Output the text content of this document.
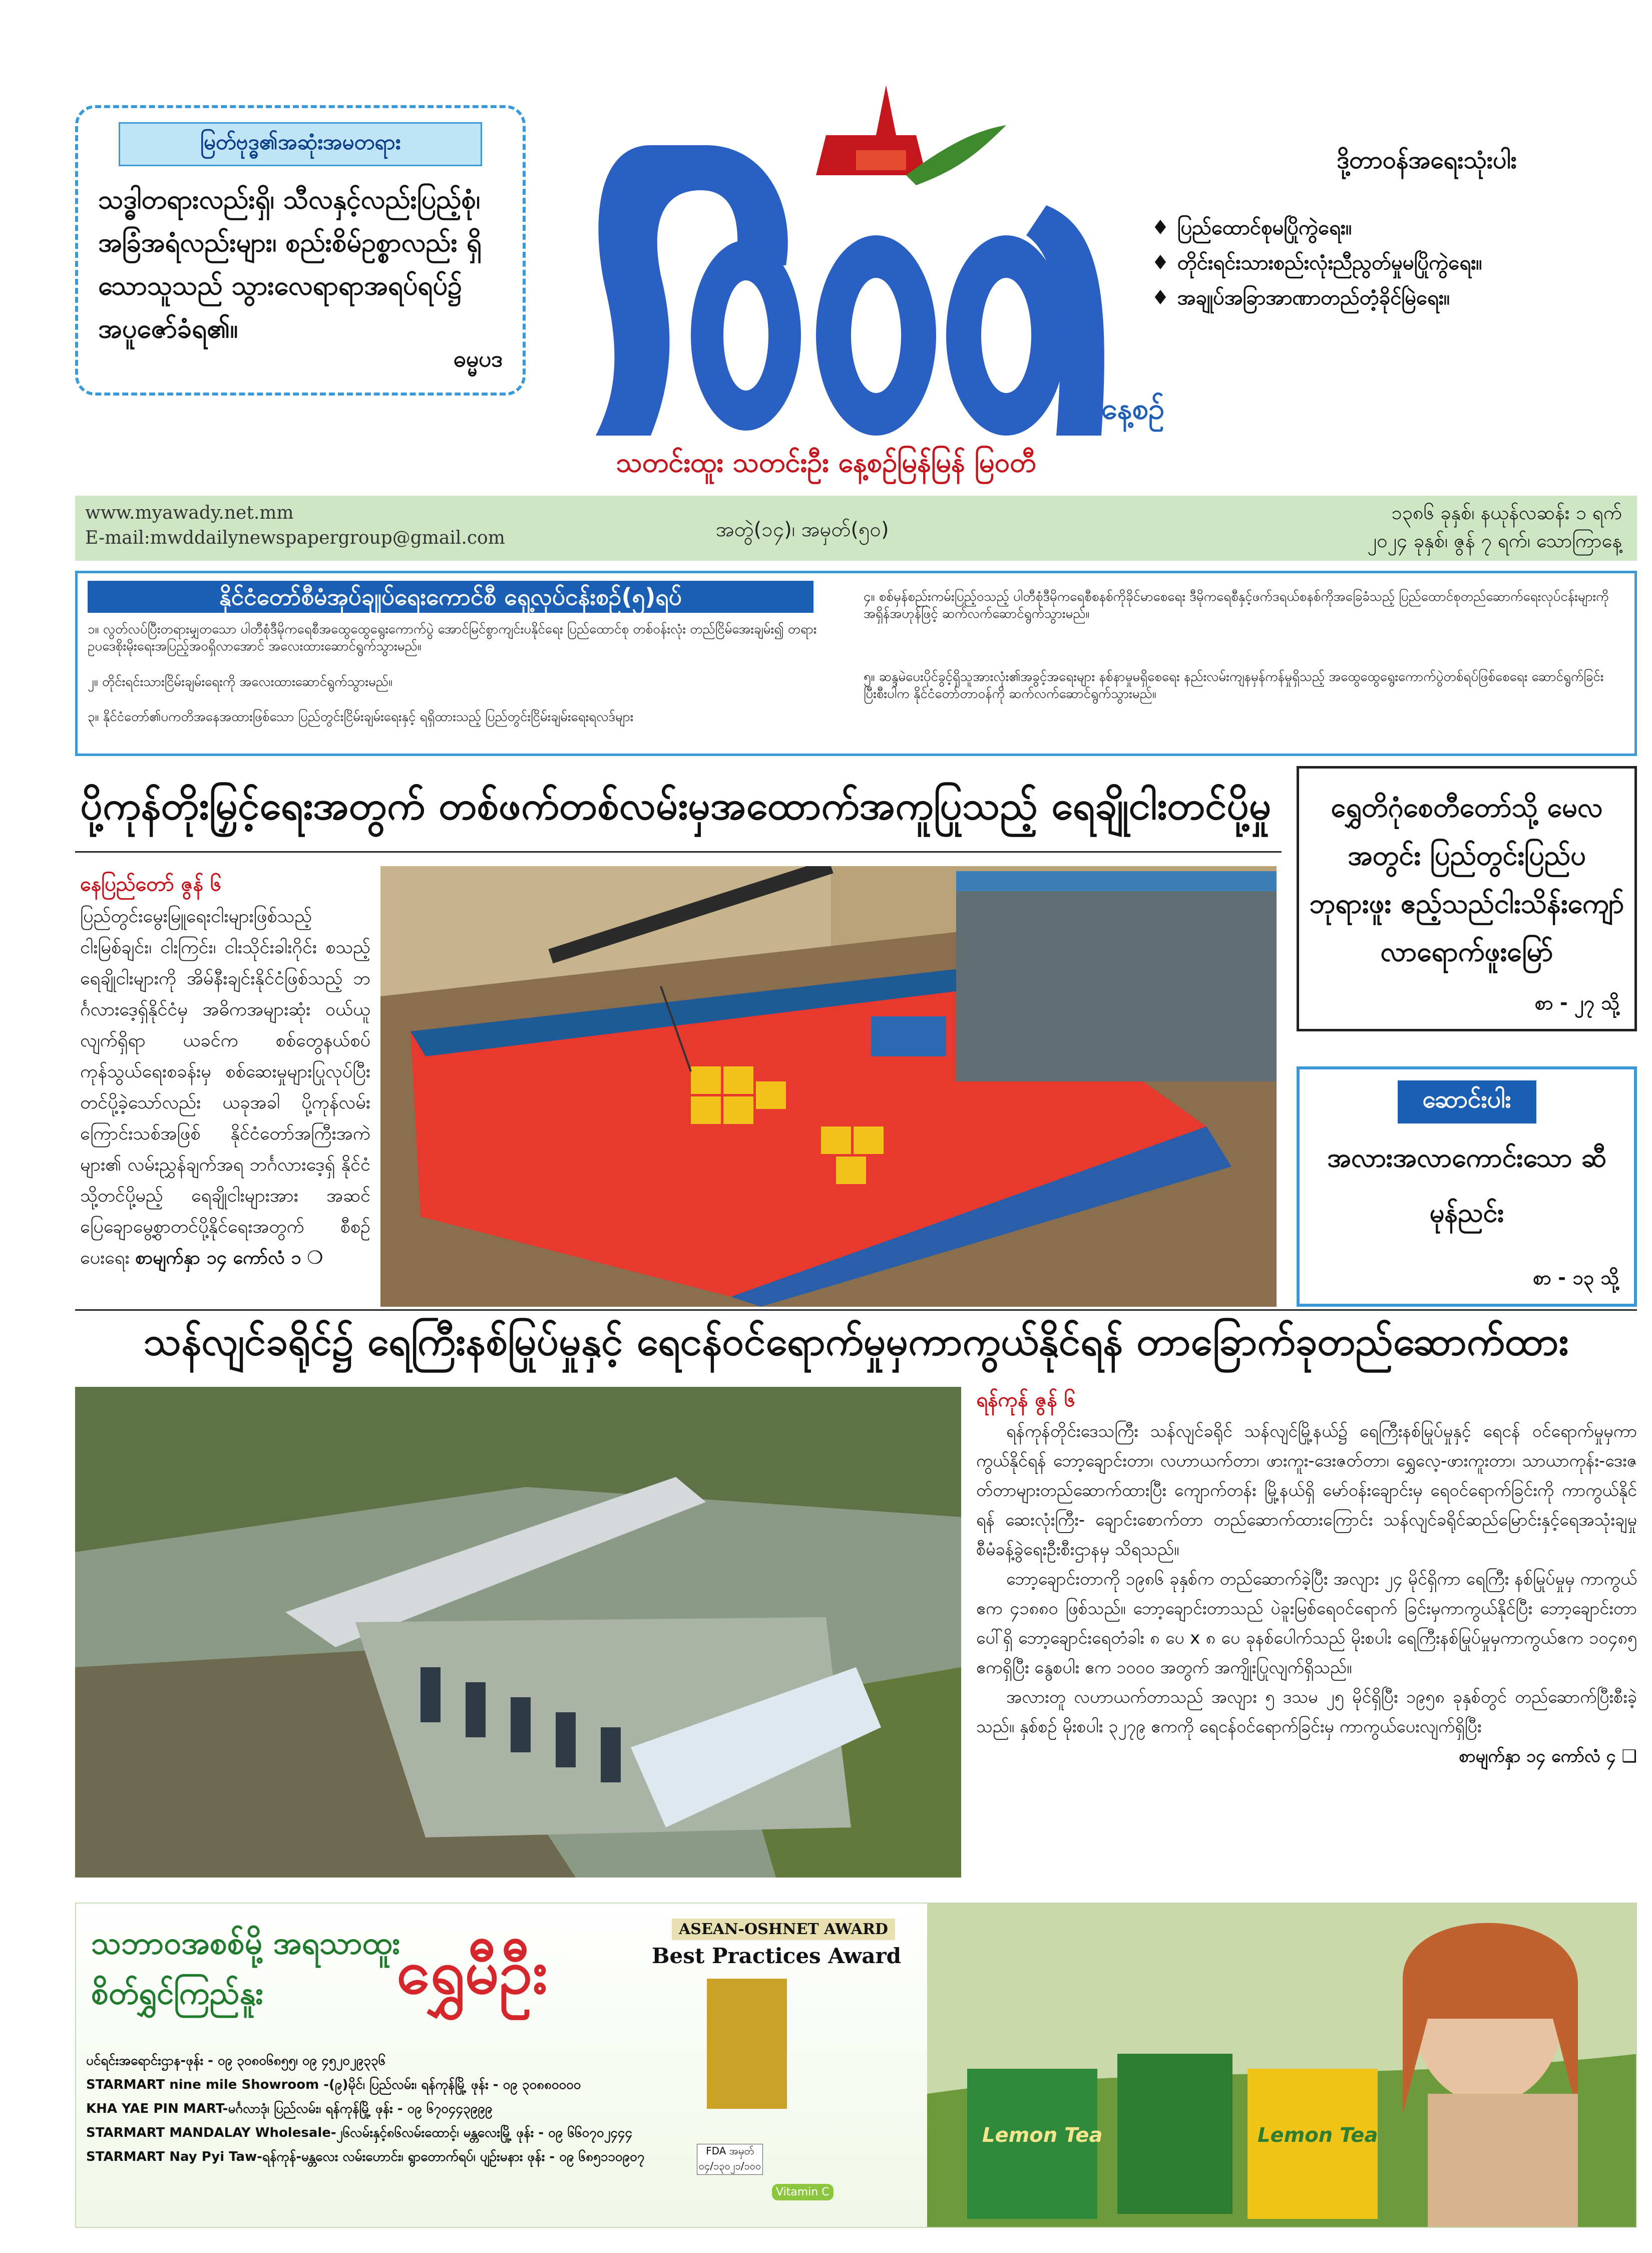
မြတ်ဗုဒ္ဓ၏အဆုံးအမတရား
သဒ္ဓါတရားလည်းရှိ၊ သီလနှင့်လည်းပြည့်စုံ၊ အခြံအရံလည်းများ၊ စည်းစိမ်ဥစ္စာလည်း ရှိသောသူသည် သွားလေရာရာအရပ်ရပ်၌ အပူဇော်ခံရ၏။
ဓမ္မပဒ
နေ့စဉ်
သတင်းထူး သတင်းဦး နေ့စဉ်မြန်မြန် မြဝတီ
ဒို့တာဝန်အရေးသုံးပါး
♦ ပြည်ထောင်စုမပြိုကွဲရေး။
♦ တိုင်းရင်းသားစည်းလုံးညီညွတ်မှုမပြိုကွဲရေး။
♦ အချုပ်အခြာအာဏာတည်တံ့ခိုင်မြဲရေး။
www.myawady.net.mm
E-mail:mwddailynewspapergroup@gmail.com	အတွဲ(၁၄)၊ အမှတ်(၅၀)
၁၃၈၆ ခုနှစ်၊ နယုန်လဆန်း ၁ ရက်
၂၀၂၄ ခုနှစ်၊ ဇွန် ၇ ရက်၊ သောကြာနေ့
နိုင်ငံတော်စီမံအုပ်ချုပ်ရေးကောင်စီ ရှေ့လုပ်ငန်းစဉ်(၅)ရပ်
၁။ လွတ်လပ်ပြီးတရားမျှတသော ပါတီစုံဒီမိုကရေစီအထွေထွေရွေးကောက်ပွဲ အောင်မြင်စွာကျင်းပနိုင်ရေး ပြည်ထောင်စု တစ်ဝန်းလုံး တည်ငြိမ်အေးချမ်း၍ တရားဥပဒေစိုးမိုးရေးအပြည့်အဝရှိလာအောင် အလေးထားဆောင်ရွက်သွားမည်။
၂။ တိုင်းရင်းသားငြိမ်းချမ်းရေးကို အလေးထားဆောင်ရွက်သွားမည်။
၃။ နိုင်ငံတော်၏ပကတိအနေအထားဖြစ်သော ပြည်တွင်းငြိမ်းချမ်းရေးနှင့် ရရှိထားသည့် ပြည်တွင်းငြိမ်းချမ်းရေးရလဒ်များ
၄။ စစ်မှန်စည်းကမ်းပြည့်ဝသည့် ပါတီစုံဒီမိုကရေစီစနစ်ကိုခိုင်မာစေရေး ဒီမိုကရေစီနှင့်ဖက်ဒရယ်စနစ်ကိုအခြေခံသည့် ပြည်ထောင်စုတည်ဆောက်ရေးလုပ်ငန်းများကို အရှိန်အဟုန်ဖြင့် ဆက်လက်ဆောင်ရွက်သွားမည်။
၅။ ဆန္ဒမဲပေးပိုင်ခွင့်ရှိသူအားလုံး၏အခွင့်အရေးများ နစ်နာမှုမရှိစေရေး နည်းလမ်းကျနမှန်ကန်မှုရှိသည့် အထွေထွေရွေးကောက်ပွဲတစ်ရပ်ဖြစ်စေရေး ဆောင်ရွက်ခြင်း ပြီးစီးပါက နိုင်ငံတော်တာဝန်ကို ဆက်လက်ဆောင်ရွက်သွားမည်။
ပို့ကုန်တိုးမြှင့်ရေးအတွက် တစ်ဖက်တစ်လမ်းမှအထောက်အကူပြုသည့် ရေချိုငါးတင်ပို့မှု
နေပြည်တော် ဇွန် ၆
ပြည်တွင်းမွေးမြူရေးငါးများဖြစ်သည့် ငါးမြစ်ချင်း၊ ငါးကြင်း၊ ငါးသိုင်းခါးဂိုင်း စသည့် ရေချိုငါးများကို အိမ်နီးချင်းနိုင်ငံဖြစ်သည့် ဘင်္ဂလားဒေ့ရှ်နိုင်ငံမှ အဓိကအများဆုံး ဝယ်ယူလျက်ရှိရာ ယခင်က စစ်တွေနယ်စပ် ကုန်သွယ်ရေးစခန်းမှ စစ်ဆေးမှုများပြုလုပ်ပြီး တင်ပို့ခဲ့သော်လည်း ယခုအခါ ပို့ကုန်လမ်း ကြောင်းသစ်အဖြစ် နိုင်ငံတော်အကြီးအကဲ များ၏ လမ်းညွှန်ချက်အရ ဘင်္ဂလားဒေ့ရှ် နိုင်ငံသို့တင်ပို့မည့် ရေချိုငါးများအား အဆင် ပြေချောမွေ့စွာတင်ပို့နိုင်ရေးအတွက် စီစဉ် ပေးရေး စာမျက်နှာ ၁၄ ကော်လံ ၁ ❍
ရွှေတိဂုံစေတီတော်သို့ မေလအတွင်း ပြည်တွင်းပြည်ပဘုရားဖူး ဧည့်သည်ငါးသိန်းကျော် လာရောက်ဖူးမြော်
စာ - ၂၇ သို့
ဆောင်းပါး
အလားအလာကောင်းသော ဆီမုန်ညင်း
စာ - ၁၃ သို့
သန်လျင်ခရိုင်၌ ရေကြီးနစ်မြုပ်မှုနှင့် ရေငန်ဝင်ရောက်မှုမှကာကွယ်နိုင်ရန် တာခြောက်ခုတည်ဆောက်ထား
ရန်ကုန် ဇွန် ၆

ရန်ကုန်တိုင်းဒေသကြီး သန်လျင်ခရိုင် သန်လျင်မြို့နယ်၌ ရေကြီးနစ်မြုပ်မှုနှင့် ရေငန် ဝင်ရောက်မှုမှကာကွယ်နိုင်ရန် ဘော့ချောင်းတာ၊ လဟာယက်တာ၊ ဖားကူး-ဒေးဇတ်တာ၊ ရွှေလေ့-ဖားကူးတာ၊ သာယာကုန်း-ဒေးဇတ်တာများတည်ဆောက်ထားပြီး ကျောက်တန်း မြို့နယ်ရှိ မော်ဝန်းချောင်းမှ ရေဝင်ရောက်ခြင်းကို ကာကွယ်နိုင်ရန် ဆေးလုံးကြီး- ချောင်းစောက်တာ တည်ဆောက်ထားကြောင်း သန်လျင်ခရိုင်ဆည်မြောင်းနှင့်ရေအသုံးချမှု စီမံခန့်ခွဲရေးဦးစီးဌာနမှ သိရသည်။

ဘော့ချောင်းတာကို ၁၉၈၆ ခုနှစ်က တည်ဆောက်ခဲ့ပြီး အလျား ၂၄ မိုင်ရှိကာ ရေကြီး နစ်မြုပ်မှုမှ ကာကွယ်ဧက ၄၁၈၈၀ ဖြစ်သည်။ ဘော့ချောင်းတာသည် ပဲခူးမြစ်ရေဝင်ရောက် ခြင်းမှကာကွယ်နိုင်ပြီး ဘော့ချောင်းတာပေါ်ရှိ ဘော့ချောင်းရေတံခါး ၈ ပေ x ၈ ပေ ခုနစ်ပေါက်သည် မိုးစပါး ရေကြီးနစ်မြုပ်မှုမှကာကွယ်ဧက ၁၀၄၈၅ ဧကရှိပြီး နွေစပါး ဧက ၁၀၀၀ အတွက် အကျိုးပြုလျက်ရှိသည်။

အလားတူ လဟာယက်တာသည် အလျား ၅ ဒသမ ၂၅ မိုင်ရှိပြီး ၁၉၅၈ ခုနှစ်တွင် တည်ဆောက်ပြီးစီးခဲ့သည်။ နှစ်စဉ် မိုးစပါး ၃၂၇၉ ဧကကို ရေငန်ဝင်ရောက်ခြင်းမှ ကာကွယ်ပေးလျက်ရှိပြီး

စာမျက်နှာ ၁၄ ကော်လံ ၄ ❑
သဘာဝအစစ်မို့ အရသာထူး
စိတ်ရွှင်ကြည်နူး ရွှေမီဦး
ASEAN-OSHNET AWARD
Best Practices Award
FDA အမှတ်
၀၄/၁၃၀၂၁/၁၀၀
Vitamin C
Lemon Tea	Lemon Tea
ပင်ရင်းအရောင်းဌာန-ဖုန်း - ၀၉ ၃၀၈၀၆၈၅၅၊ ၀၉ ၄၅၂၀၂၉၃၃၆
STARMART nine mile Showroom -(၉)မိုင်၊ ပြည်လမ်း၊ ရန်ကုန်မြို့ ဖုန်း - ၀၉ ၃၀၈၈၀၀၀၀
KHA YAE PIN MART-မင်္ဂလာဒုံ၊ ပြည်လမ်း၊ ရန်ကုန်မြို့ ဖုန်း - ၀၉ ၆၇၀၄၄၃၉၉၉
STARMART MANDALAY Wholesale-၂၆လမ်းနှင့်၈၆လမ်းထောင့်၊ မန္တလေးမြို့ ဖုန်း - ၀၉ ၆၆၀၇၀၂၄၄၄
STARMART Nay Pyi Taw-ရန်ကုန်-မန္တလေး လမ်းဟောင်း၊ ရွာတောက်ရပ်၊ ပျဉ်းမနား ဖုန်း - ၀၉ ၆၈၅၁၁၀၉၀၇
